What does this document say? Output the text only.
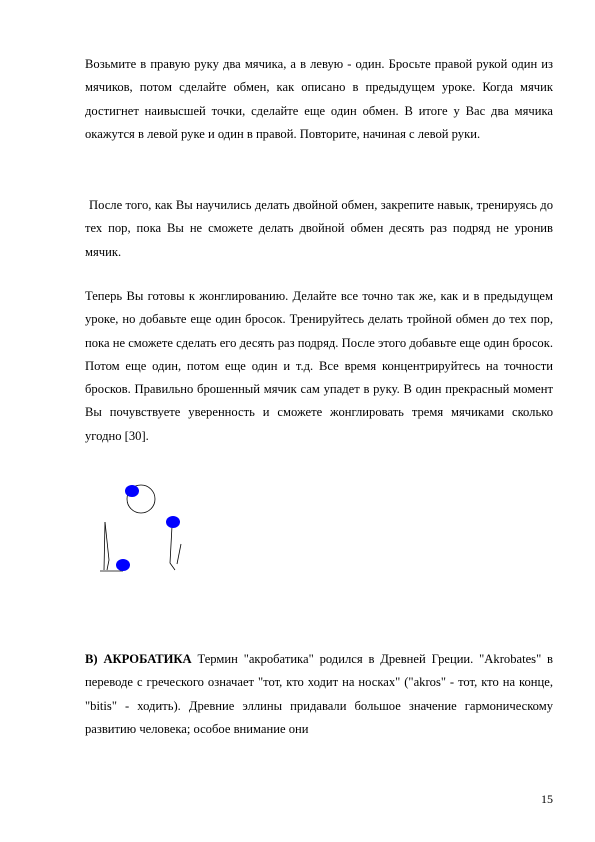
Возьмите в правую руку два мячика, а в левую - один. Бросьте правой рукой один из мячиков, потом сделайте обмен, как описано в предыдущем уроке. Когда мячик достигнет наивысшей точки, сделайте еще один обмен. В итоге у Вас два мячика окажутся в левой руке и один в правой. Повторите, начиная с левой руки.

После того, как Вы научились делать двойной обмен, закрепите навык, тренируясь до тех пор, пока Вы не сможете делать двойной обмен десять раз подряд не уронив мячик.

Теперь Вы готовы к жонглированию. Делайте все точно так же, как и в предыдущем уроке, но добавьте еще один бросок. Тренируйтесь делать тройной обмен до тех пор, пока не сможете сделать его десять раз подряд. После этого добавьте еще один бросок. Потом еще один, потом еще один и т.д. Все время концентрируйтесь на точности бросков. Правильно брошенный мячик сам упадет в руку. В один прекрасный момент Вы почувствуете уверенность и сможете жонглировать тремя мячиками сколько угодно [30].

В) АКРОБАТИКА Термин "акробатика" родился в Древней Греции. "Akrobates" в переводе с греческого означает "тот, кто ходит на носках" ("akros" - тот, кто на конце, "bitis" - ходить). Древние эллины придавали большое значение гармоническому развитию человека; особое внимание они

15
